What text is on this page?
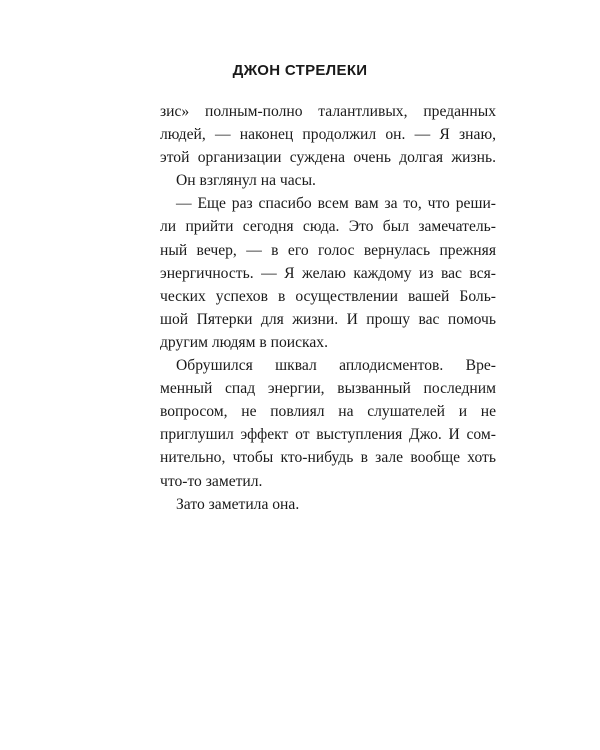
ДЖОН СТРЕЛЕКИ

зис» полным-полно талантливых, преданных
людей, — наконец продолжил он. — Я знаю,
этой организации суждена очень долгая жизнь.

Он взглянул на часы.

— Еще раз спасибо всем вам за то, что реши-
ли прийти сегодня сюда. Это был замечатель-
ный вечер, — в его голос вернулась прежняя
энергичность. — Я желаю каждому из вас вся-
ческих успехов в осуществлении вашей Боль-
шой Пятерки для жизни. И прошу вас помочь
другим людям в поисках.

Обрушился шквал аплодисментов. Вре-
менный спад энергии, вызванный последним
вопросом, не повлиял на слушателей и не
приглушил эффект от выступления Джо. И сом-
нительно, чтобы кто-нибудь в зале вообще хоть
что-то заметил.

Зато заметила она.
